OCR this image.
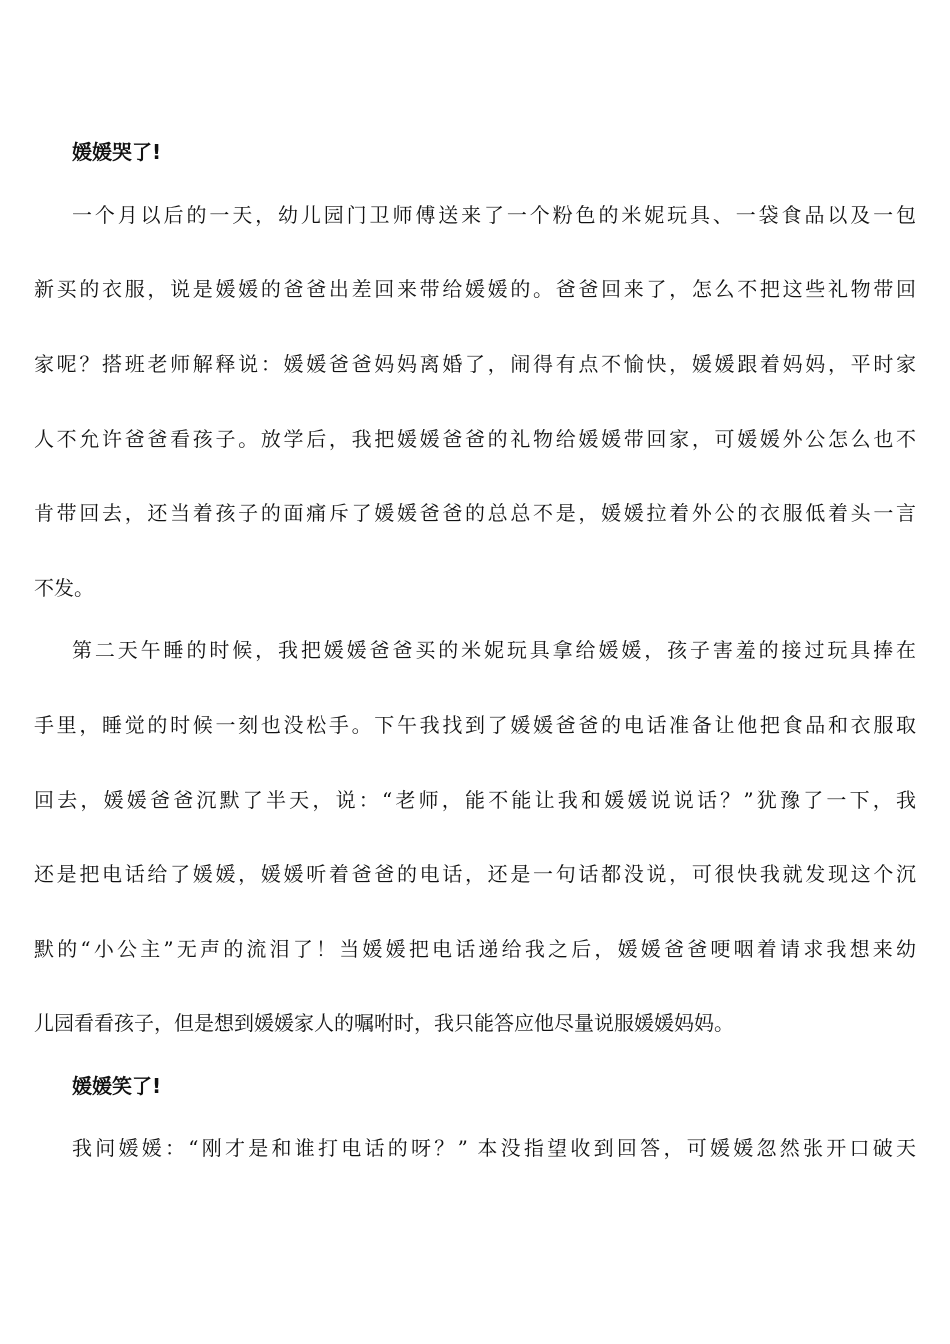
媛媛哭了!
一个月以后的一天，幼儿园门卫师傅送来了一个粉色的米妮玩具、一袋食品以及一包
新买的衣服，说是媛媛的爸爸出差回来带给媛媛的。爸爸回来了，怎么不把这些礼物带回
家呢？搭班老师解释说：媛媛爸爸妈妈离婚了，闹得有点不愉快，媛媛跟着妈妈，平时家
人不允许爸爸看孩子。放学后，我把媛媛爸爸的礼物给媛媛带回家，可媛媛外公怎么也不
肯带回去，还当着孩子的面痛斥了媛媛爸爸的总总不是，媛媛拉着外公的衣服低着头一言
不发。
第二天午睡的时候，我把媛媛爸爸买的米妮玩具拿给媛媛，孩子害羞的接过玩具捧在
手里，睡觉的时候一刻也没松手。下午我找到了媛媛爸爸的电话准备让他把食品和衣服取
回去，媛媛爸爸沉默了半天，说：“老师，能不能让我和媛媛说说话？”犹豫了一下，我
还是把电话给了媛媛，媛媛听着爸爸的电话，还是一句话都没说，可很快我就发现这个沉
默的“小公主”无声的流泪了！当媛媛把电话递给我之后，媛媛爸爸哽咽着请求我想来幼
儿园看看孩子，但是想到媛媛家人的嘱咐时，我只能答应他尽量说服媛媛妈妈。
媛媛笑了!
我问媛媛：“刚才是和谁打电话的呀？” 本没指望收到回答，可媛媛忽然张开口破天
